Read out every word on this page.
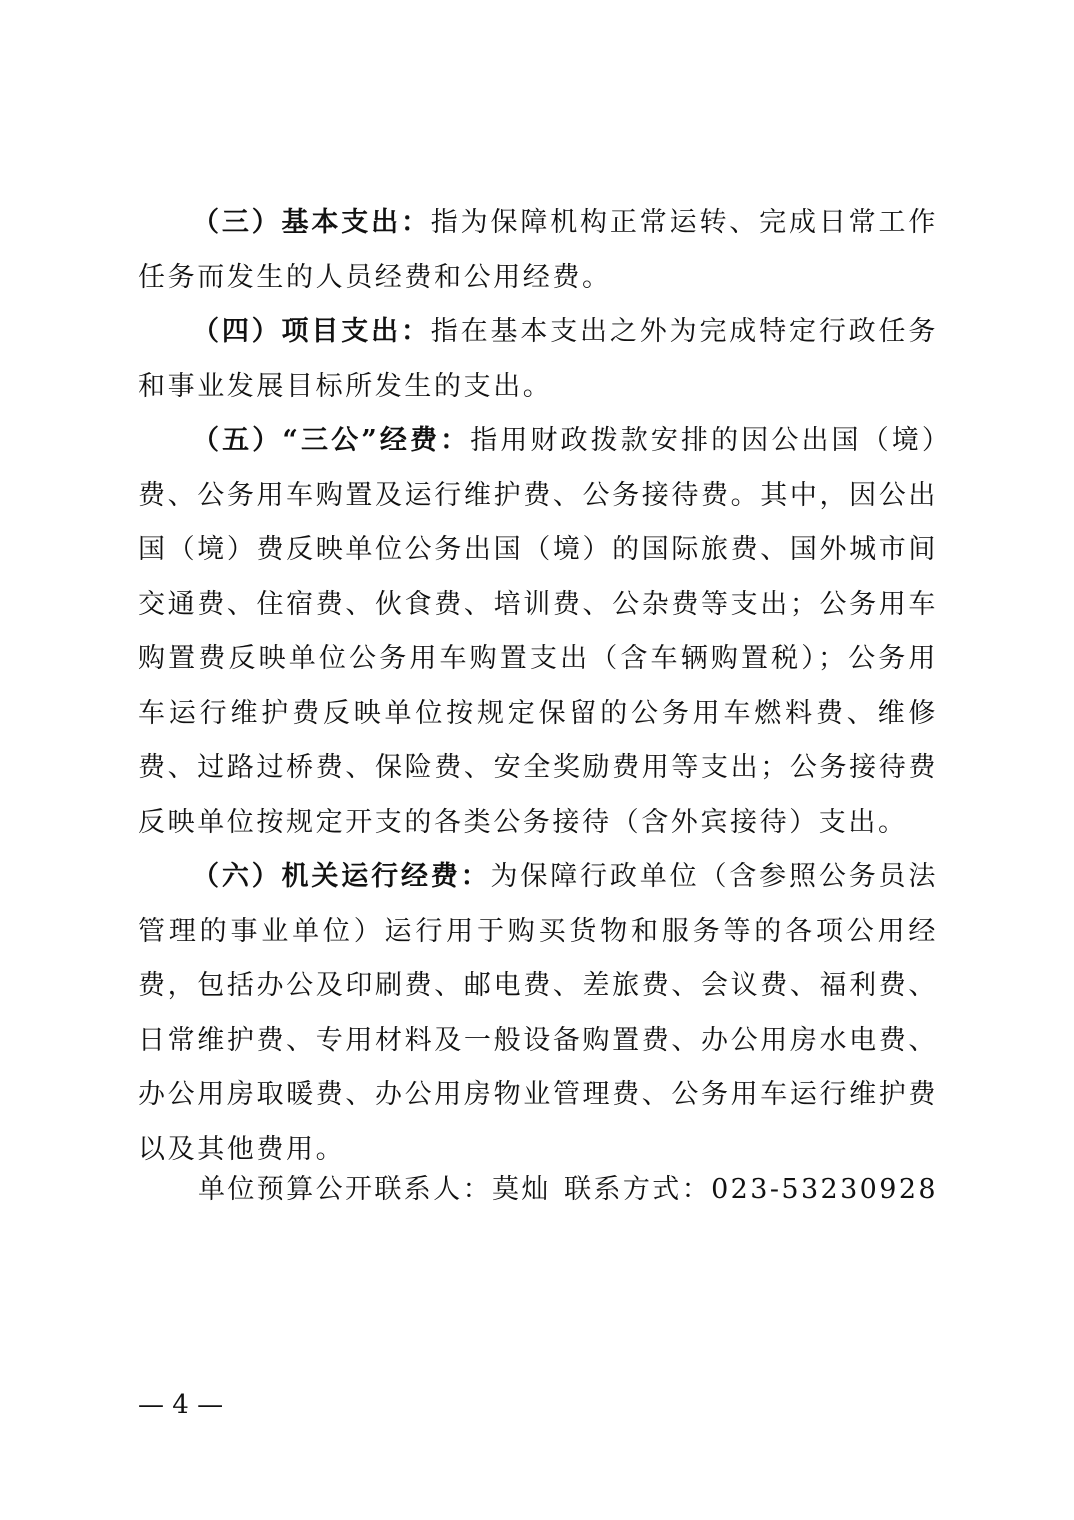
（三）基本支出：指为保障机构正常运转、完成日常工作任务而发生的人员经费和公用经费。

（四）项目支出：指在基本支出之外为完成特定行政任务和事业发展目标所发生的支出。

（五）“三公”经费：指用财政拨款安排的因公出国（境）费、公务用车购置及运行维护费、公务接待费。其中，因公出国（境）费反映单位公务出国（境）的国际旅费、国外城市间交通费、住宿费、伙食费、培训费、公杂费等支出；公务用车购置费反映单位公务用车购置支出（含车辆购置税）；公务用车运行维护费反映单位按规定保留的公务用车燃料费、维修费、过路过桥费、保险费、安全奖励费用等支出；公务接待费反映单位按规定开支的各类公务接待（含外宾接待）支出。

（六）机关运行经费：为保障行政单位（含参照公务员法管理的事业单位）运行用于购买货物和服务等的各项公用经费，包括办公及印刷费、邮电费、差旅费、会议费、福利费、日常维护费、专用材料及一般设备购置费、办公用房水电费、办公用房取暖费、办公用房物业管理费、公务用车运行维护费以及其他费用。

单位预算公开联系人：莫灿 联系方式：023-53230928
— 4 —
